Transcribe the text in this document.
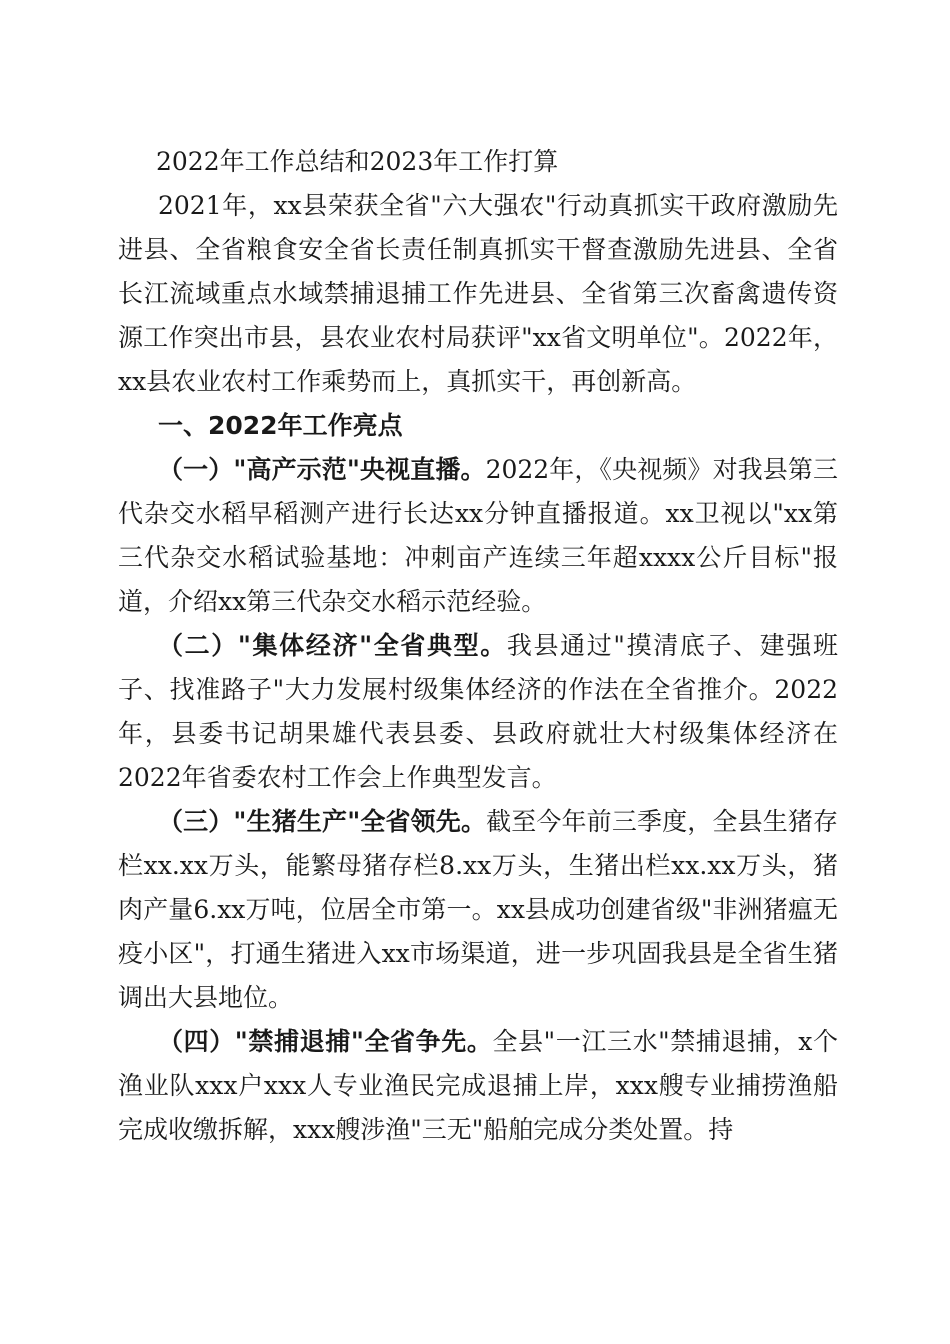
2022年工作总结和2023年工作打算

2021年，xx县荣获全省"六大强农"行动真抓实干政府激励先进县、全省粮食安全省长责任制真抓实干督查激励先进县、全省长江流域重点水域禁捕退捕工作先进县、全省第三次畜禽遗传资源工作突出市县，县农业农村局获评"xx省文明单位"。2022年，xx县农业农村工作乘势而上，真抓实干，再创新高。

一、2022年工作亮点

（一）"高产示范"央视直播。2022年，《央视频》对我县第三代杂交水稻早稻测产进行长达xx分钟直播报道。xx卫视以"xx第三代杂交水稻试验基地：冲刺亩产连续三年超xxxx公斤目标"报道，介绍xx第三代杂交水稻示范经验。

（二）"集体经济"全省典型。我县通过"摸清底子、建强班子、找准路子"大力发展村级集体经济的作法在全省推介。2022年，县委书记胡果雄代表县委、县政府就壮大村级集体经济在2022年省委农村工作会上作典型发言。

（三）"生猪生产"全省领先。截至今年前三季度，全县生猪存栏xx.xx万头，能繁母猪存栏8.xx万头，生猪出栏xx.xx万头，猪肉产量6.xx万吨，位居全市第一。xx县成功创建省级"非洲猪瘟无疫小区"，打通生猪进入xx市场渠道，进一步巩固我县是全省生猪调出大县地位。

（四）"禁捕退捕"全省争先。全县"一江三水"禁捕退捕，x个渔业队xxx户xxx人专业渔民完成退捕上岸，xxx艘专业捕捞渔船完成收缴拆解，xxx艘涉渔"三无"船舶完成分类处置。持
